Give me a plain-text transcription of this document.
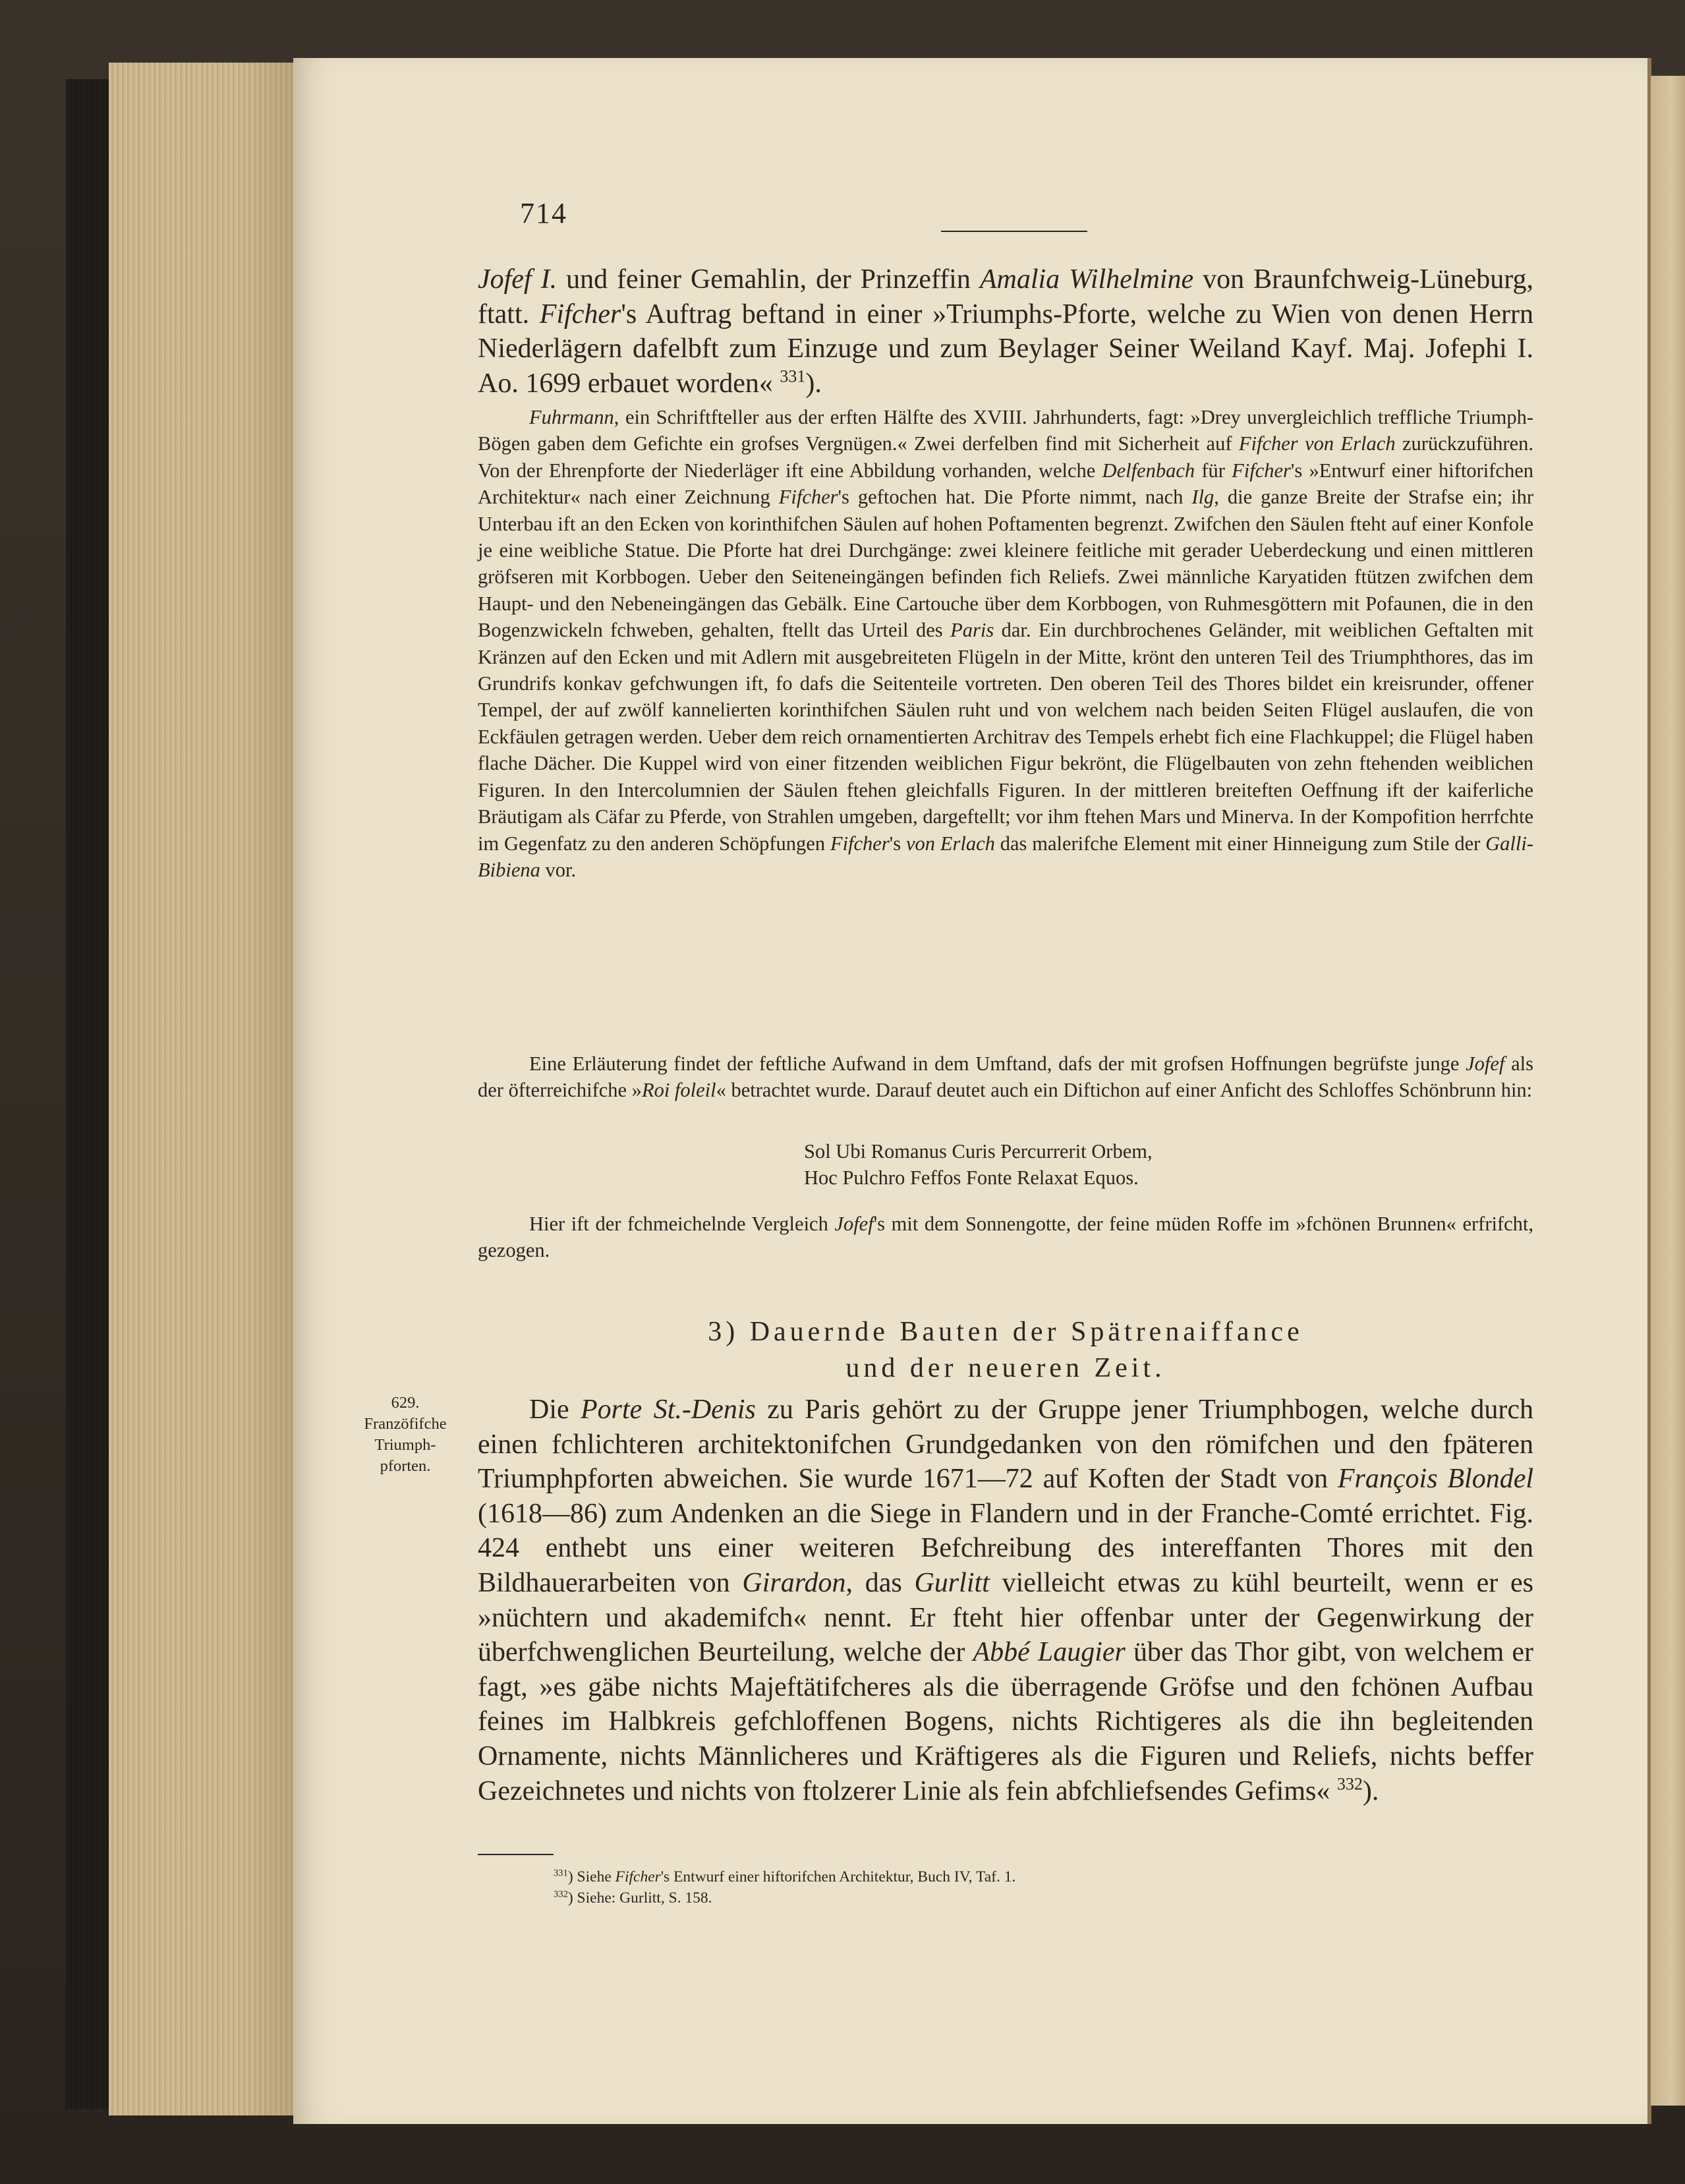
714

629.
Franzöfifche
Triumph-
pforten.

Jofef I. und feiner Gemahlin, der Prinzeffin Amalia Wilhelmine von Braunfchweig-Lüneburg, ftatt. Fifcher's Auftrag beftand in einer »Triumphs-Pforte, welche zu Wien von denen Herrn Niederlägern dafelbft zum Einzuge und zum Beylager Seiner Weiland Kayf. Maj. Jofephi I. Ao. 1699 erbauet worden« $^{331}$).

Fuhrmann, ein Schriftfteller aus der erften Hälfte des XVIII. Jahrhunderts, fagt: »Drey unvergleichlich treffliche Triumph-Bögen gaben dem Gefichte ein grofses Vergnügen.« Zwei derfelben find mit Sicherheit auf Fifcher von Erlach zurückzuführen. Von der Ehrenpforte der Niederläger ift eine Abbildung vorhanden, welche Delfenbach für Fifcher's »Entwurf einer hiftorifchen Architektur« nach einer Zeichnung Fifcher's geftochen hat. Die Pforte nimmt, nach Ilg, die ganze Breite der Strafse ein; ihr Unterbau ift an den Ecken von korinthifchen Säulen auf hohen Poftamenten begrenzt. Zwifchen den Säulen fteht auf einer Konfole je eine weibliche Statue. Die Pforte hat drei Durchgänge: zwei kleinere feitliche mit gerader Ueberdeckung und einen mittleren gröfseren mit Korbbogen. Ueber den Seiteneingängen befinden fich Reliefs. Zwei männliche Karyatiden ftützen zwifchen dem Haupt- und den Nebeneingängen das Gebälk. Eine Cartouche über dem Korbbogen, von Ruhmesgöttern mit Pofaunen, die in den Bogenzwickeln fchweben, gehalten, ftellt das Urteil des Paris dar. Ein durchbrochenes Geländer, mit weiblichen Geftalten mit Kränzen auf den Ecken und mit Adlern mit ausgebreiteten Flügeln in der Mitte, krönt den unteren Teil des Triumphthores, das im Grundrifs konkav gefchwungen ift, fo dafs die Seitenteile vortreten. Den oberen Teil des Thores bildet ein kreisrunder, offener Tempel, der auf zwölf kannelierten korinthifchen Säulen ruht und von welchem nach beiden Seiten Flügel auslaufen, die von Eckfäulen getragen werden. Ueber dem reich ornamentierten Architrav des Tempels erhebt fich eine Flachkuppel; die Flügel haben flache Dächer. Die Kuppel wird von einer fitzenden weiblichen Figur bekrönt, die Flügelbauten von zehn ftehenden weiblichen Figuren. In den Intercolumnien der Säulen ftehen gleichfalls Figuren. In der mittleren breiteften Oeffnung ift der kaiferliche Bräutigam als Cäfar zu Pferde, von Strahlen umgeben, dargeftellt; vor ihm ftehen Mars und Minerva. In der Kompofition herrfchte im Gegenfatz zu den anderen Schöpfungen Fifcher's von Erlach das malerifche Element mit einer Hinneigung zum Stile der Galli-Bibiena vor.

Eine Erläuterung findet der feftliche Aufwand in dem Umftand, dafs der mit grofsen Hoffnungen begrüfste junge Jofef als der öfterreichifche »Roi foleil« betrachtet wurde. Darauf deutet auch ein Diftichon auf einer Anficht des Schloffes Schönbrunn hin:

Sol Ubi Romanus Curis Percurrerit Orbem,

Hoc Pulchro Feffos Fonte Relaxat Equos.

Hier ift der fchmeichelnde Vergleich Jofef's mit dem Sonnengotte, der feine müden Roffe im »fchönen Brunnen« erfrifcht, gezogen.

3) Dauernde Bauten der Spätrenaiffance
und der neueren Zeit.

Die Porte St.-Denis zu Paris gehört zu der Gruppe jener Triumphbogen, welche durch einen fchlichteren architektonifchen Grundgedanken von den römifchen und den fpäteren Triumphpforten abweichen. Sie wurde 1671—72 auf Koften der Stadt von François Blondel (1618—86) zum Andenken an die Siege in Flandern und in der Franche-Comté errichtet. Fig. 424 enthebt uns einer weiteren Befchreibung des intereffanten Thores mit den Bildhauerarbeiten von Girardon, das Gurlitt vielleicht etwas zu kühl beurteilt, wenn er es »nüchtern und akademifch« nennt. Er fteht hier offenbar unter der Gegenwirkung der überfchwenglichen Beurteilung, welche der Abbé Laugier über das Thor gibt, von welchem er fagt, »es gäbe nichts Majeftätifcheres als die überragende Gröfse und den fchönen Aufbau feines im Halbkreis gefchloffenen Bogens, nichts Richtigeres als die ihn begleitenden Ornamente, nichts Männlicheres und Kräftigeres als die Figuren und Reliefs, nichts beffer Gezeichnetes und nichts von ftolzerer Linie als fein abfchliefsendes Gefims« $^{332}$).

$^{331}$) Siehe Fifcher's Entwurf einer hiftorifchen Architektur, Buch IV, Taf. 1.

$^{332}$) Siehe: Gurlitt, S. 158.
